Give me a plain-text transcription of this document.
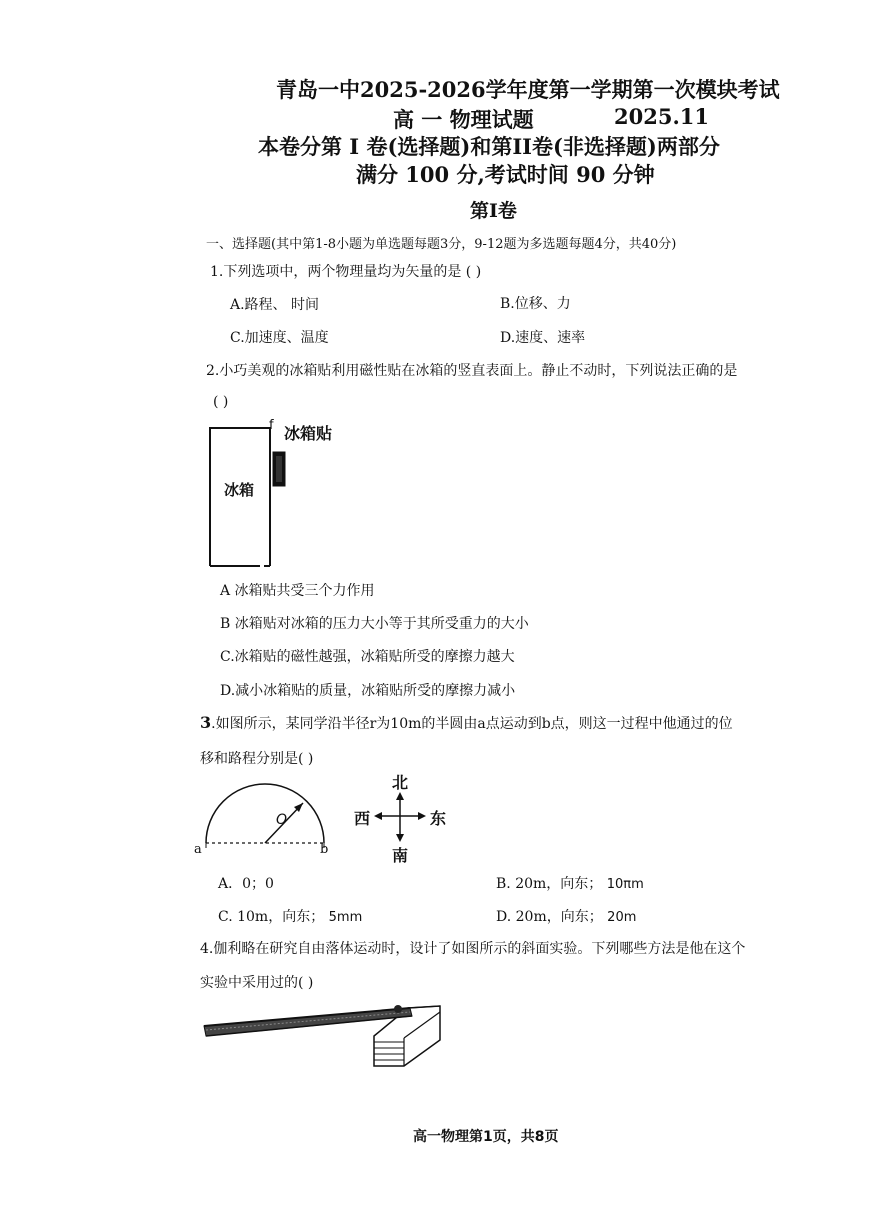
青岛一中2025-2026学年度第一学期第一次模块考试
高 一 物理试题	2025.11
本卷分第 I 卷(选择题)和第II卷(非选择题)两部分
满分 100 分,考试时间 90 分钟
第I卷
一、选择题(其中第1-8小题为单选题每题3分，9-12题为多选题每题4分，共40分)
1.下列选项中，两个物理量均为矢量的是 ( )
A.路程、 时间	B.位移、力
C.加速度、温度	D.速度、速率
2.小巧美观的冰箱贴利用磁性贴在冰箱的竖直表面上。静止不动时，下列说法正确的是
( )
冰箱
f 冰箱贴
A 冰箱贴共受三个力作用
B 冰箱贴对冰箱的压力大小等于其所受重力的大小
C.冰箱贴的磁性越强，冰箱贴所受的摩擦力越大
D.减小冰箱贴的质量，冰箱贴所受的摩擦力减小
3.如图所示，某同学沿半径r为10m的半圆由a点运动到b点，则这一过程中他通过的位
移和路程分别是( )
O
a	b
北
南
西	东
A．0；0	B. 20m，向东； 10πm
C. 10m，向东； 5mm	D. 20m，向东； 20m
4.伽利略在研究自由落体运动时，设计了如图所示的斜面实验。下列哪些方法是他在这个
实验中采用过的( )
高一物理第1页，共8页
